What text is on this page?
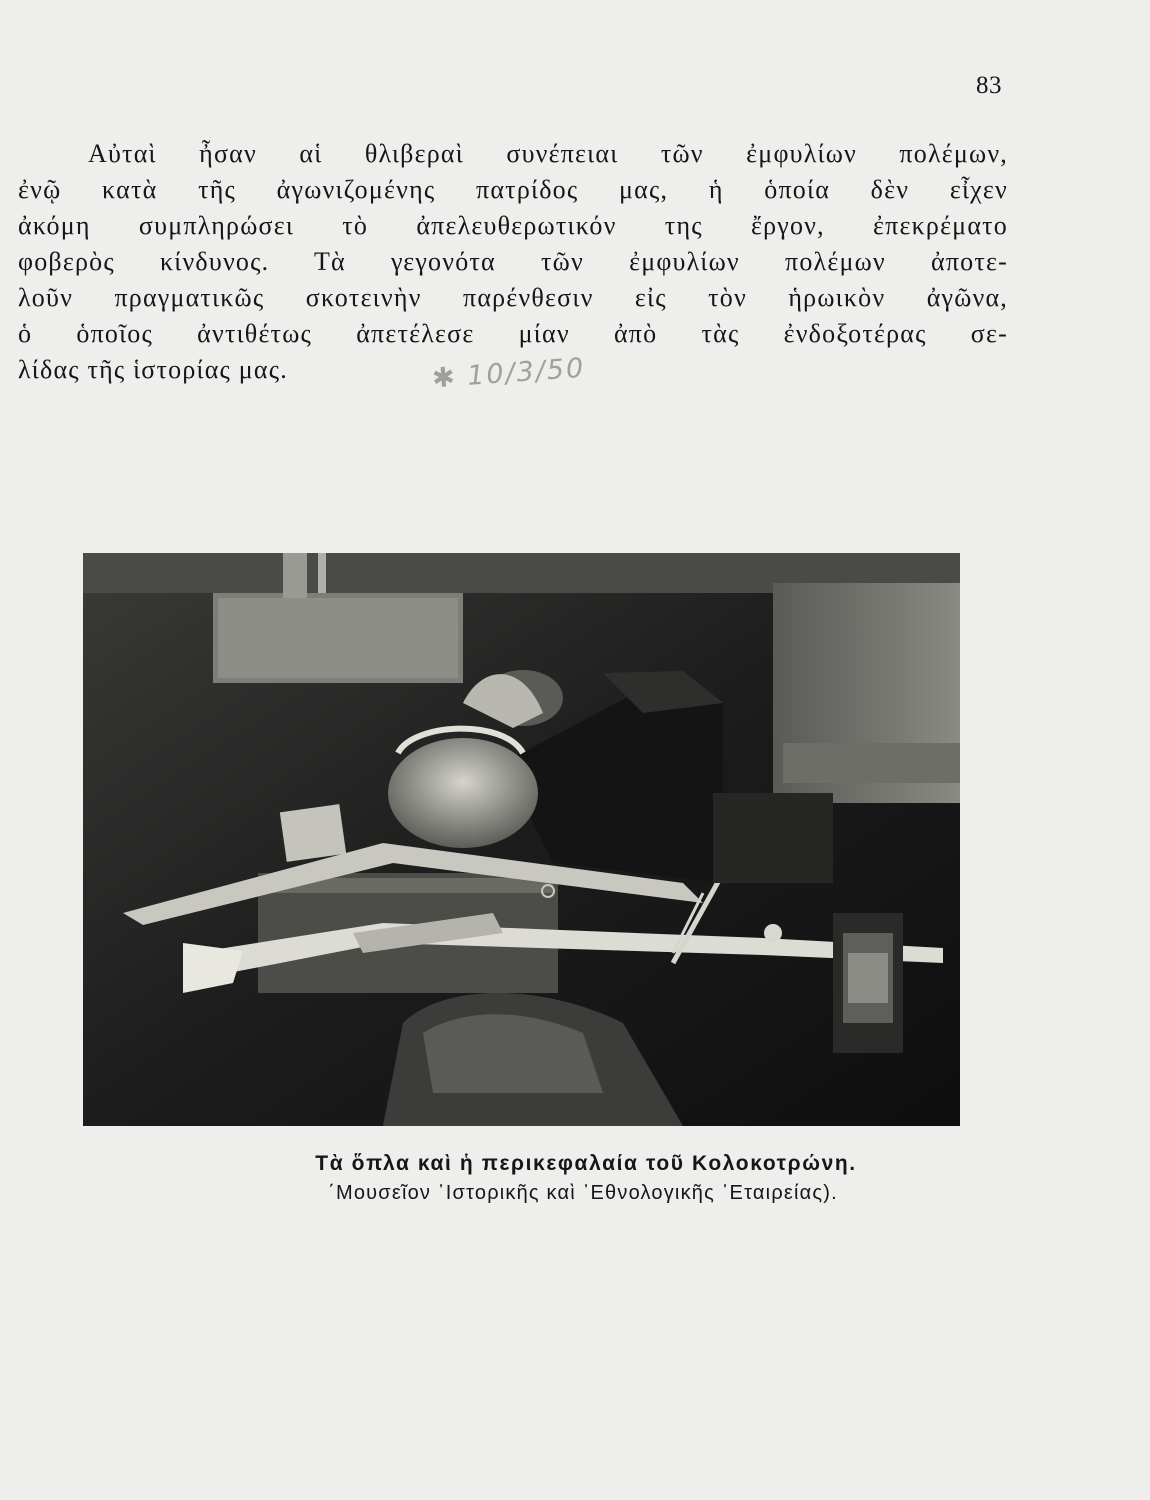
83
Αὐταὶ ἦσαν αἱ θλιβεραὶ συνέπειαι τῶν ἐμφυλίων πολέμων,
ἐνῷ κατὰ τῆς ἀγωνιζομένης πατρίδος μας, ἡ ὁποία δὲν εἶχεν
ἀκόμη συμπληρώσει τὸ ἀπελευθερωτικόν της ἔργον, ἐπεκρέματο
φοβερὸς κίνδυνος. Τὰ γεγονότα τῶν ἐμφυλίων πολέμων ἀποτε-
λοῦν πραγματικῶς σκοτεινὴν παρένθεσιν εἰς τὸν ἡρωικὸν ἀγῶνα,
ὁ ὁποῖος ἀντιθέτως ἀπετέλεσε μίαν ἀπὸ τὰς ἐνδοξοτέρας σε-
λίδας τῆς ἱστορίας μας.	✱ 10/3/50
Τὰ ὅπλα καὶ ἡ περικεφαλαία τοῦ Κολοκοτρώνη.
΄Μουσεῖον ῾Ιστορικῆς καὶ ᾿Εθνολογικῆς ῾Εταιρείας).
